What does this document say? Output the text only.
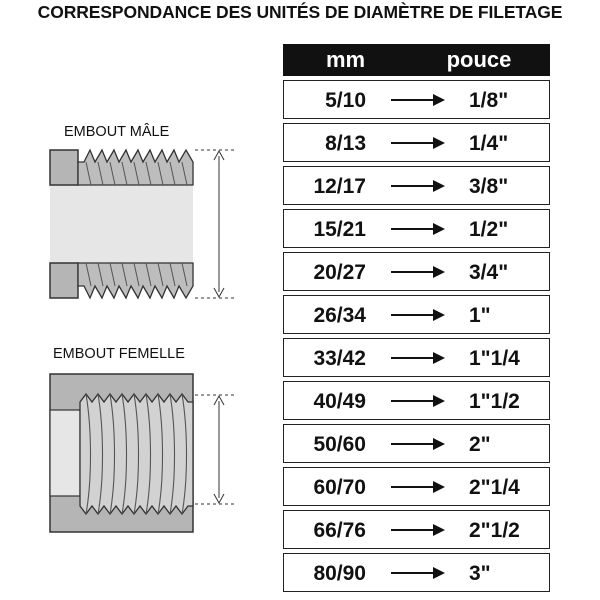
CORRESPONDANCE DES UNITÉS DE DIAMÈTRE DE FILETAGE
EMBOUT MÂLE
EMBOUT FEMELLE
mm	pouce
5/10	1/8"
8/13	1/4"
12/17	3/8"
15/21	1/2"
20/27	3/4"
26/34	1"
33/42	1"1/4
40/49	1"1/2
50/60	2"
60/70	2"1/4
66/76	2"1/2
80/90	3"
